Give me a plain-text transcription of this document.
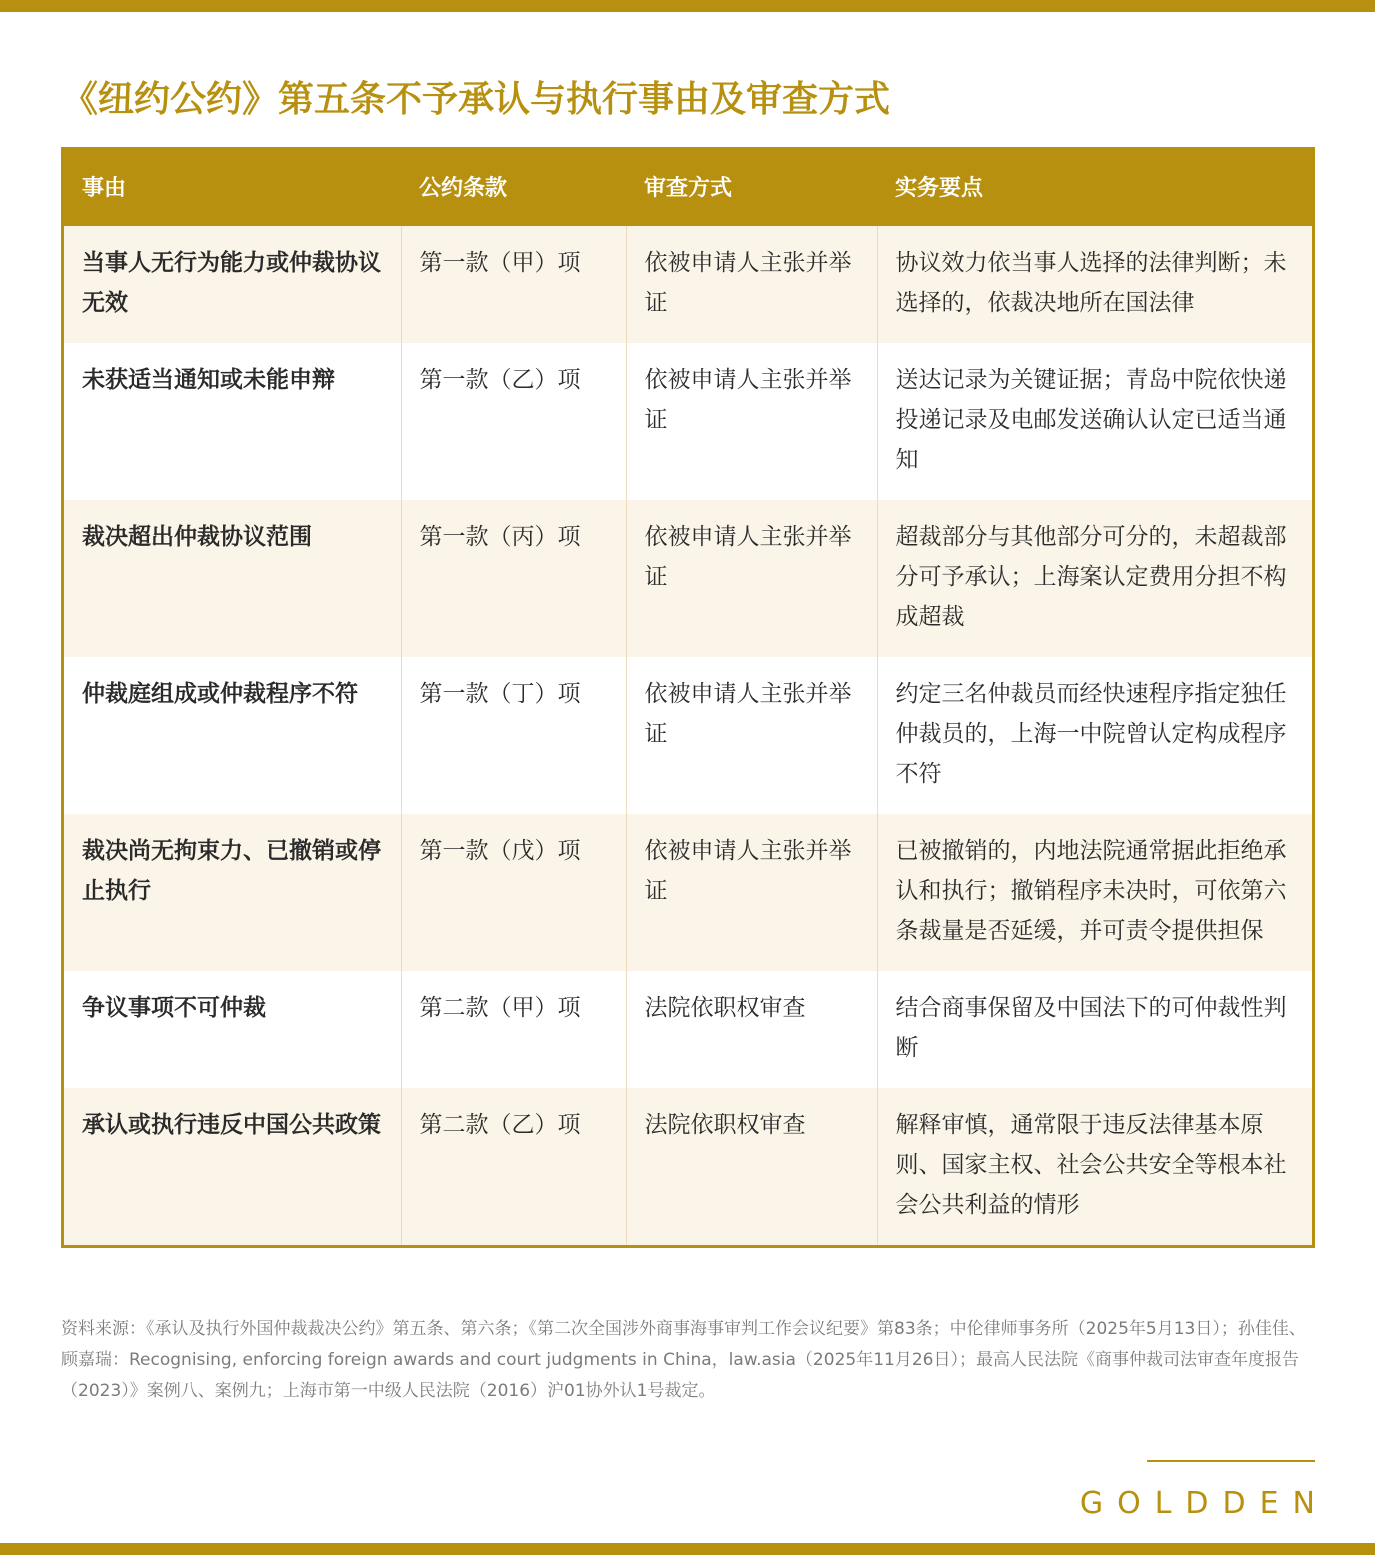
《纽约公约》第五条不予承认与执行事由及审查方式
事由	公约条款	审查方式	实务要点
当事人无行为能力或仲裁协议无效	第一款（甲）项	依被申请人主张并举证	协议效力依当事人选择的法律判断；未选择的，依裁决地所在国法律
未获适当通知或未能申辩	第一款（乙）项	依被申请人主张并举证	送达记录为关键证据；青岛中院依快递投递记录及电邮发送确认认定已适当通知
裁决超出仲裁协议范围	第一款（丙）项	依被申请人主张并举证	超裁部分与其他部分可分的，未超裁部分可予承认；上海案认定费用分担不构成超裁
仲裁庭组成或仲裁程序不符	第一款（丁）项	依被申请人主张并举证	约定三名仲裁员而经快速程序指定独任仲裁员的，上海一中院曾认定构成程序不符
裁决尚无拘束力、已撤销或停止执行	第一款（戊）项	依被申请人主张并举证	已被撤销的，内地法院通常据此拒绝承认和执行；撤销程序未决时，可依第六条裁量是否延缓，并可责令提供担保
争议事项不可仲裁	第二款（甲）项	法院依职权审查	结合商事保留及中国法下的可仲裁性判断
承认或执行违反中国公共政策	第二款（乙）项	法院依职权审查	解释审慎，通常限于违反法律基本原则、国家主权、社会公共安全等根本社会公共利益的情形

资料来源：《承认及执行外国仲裁裁决公约》第五条、第六条；《第二次全国涉外商事海事审判工作会议纪要》第83条；中伦律师事务所（2025年5月13日）；孙佳佳、顾嘉瑞：Recognising, enforcing foreign awards and court judgments in China，law.asia（2025年11月26日）；最高人民法院《商事仲裁司法审查年度报告（2023）》案例八、案例九；上海市第一中级人民法院（2016）沪01协外认1号裁定。

GOLDDEN
